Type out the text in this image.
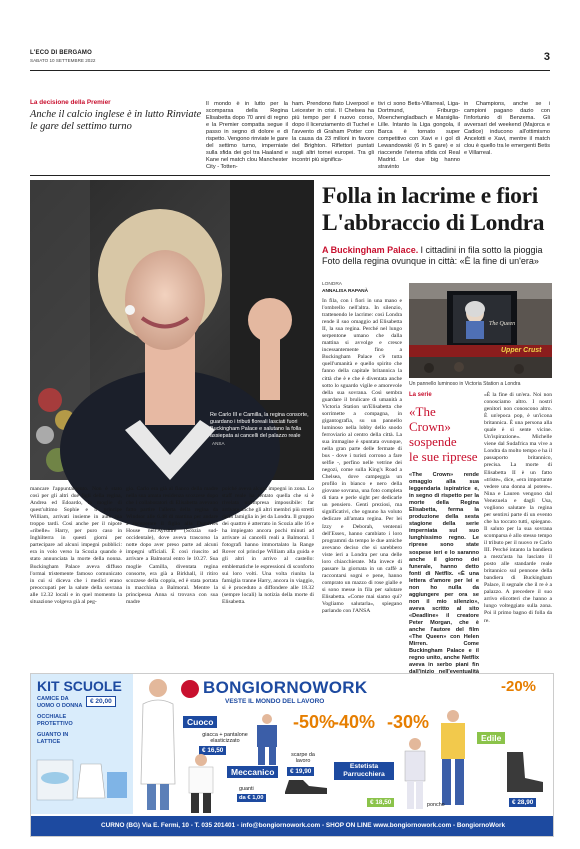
L'ECO DI BERGAMO
SABATO 10 SETTEMBRE 2022	3
La decisione della Premier
Anche il calcio inglese è in lutto Rinviate le gare del settimo turno
Il mondo è in lutto per la scomparsa della Regina Elisabetta dopo 70 anni di regno e la Premier compatta segue il passo in segno di dolore e di rispetto. Vengono rinviate le gare del settimo turno, imperniate sulla sfida dei gol tra Haaland e Kane nel match clou Manchester City - Totten-
ham. Prendono fiato Liverpool e Leicester in crisi. Il Chelsea ha più tempo per il nuovo corso, dopo il licenziamento di Tuchel e l'avvento di Graham Potter con la causa da 23 milioni in favore del Brighton. Riflettori puntati sugli altri tornei europei. Tra gli incontri più significa-
tivi ci sono Betis-Villarreal, Liga-Dortmund, Friburgo-Moenchengladbach e Marsiglia-Lille. Intanto la Liga gongola, il Barca è tornato super competitivo con Xavi e i gol di Lewandowski (6 in 5 gare) e si riaccende l'eterna sfida col Real Madrid. Le due big hanno stravinto
in Champions, anche se i campioni pagano dazio con l'infortunio di Benzema. Gli avversari del weekend (Majorca e Cadice) inducono all'ottimismo Ancelotti e Xavi, mentre il match clou è quello tra le emergenti Betis e Villarreal.
Re Carlo III e Camilla, la regina consorte, guardano i tributi floreali lasciati fuori Buckingham Palace e salutano la folla assiepata ai cancelli del palazzo reale ANSA
Folla in lacrime e fiori
L'abbraccio di Londra
A Buckingham Palace. I cittadini in fila sotto la pioggia
Foto della regina ovunque in città: «È la fine di un'era»
LONDRA
ANNALISA RAPANÀ
In fila, con i fiori in una mano e l'ombrello nell'altra. In silenzio, trattenendo le lacrime: così Londra rende il suo omaggio ad Elisabetta II, la sua regina. Perché nel lungo serpentone umano che dalla mattina si avvolge e cresce incessantemente fino a Buckingham Palace c'è tutta quell'umanità e quello spirito che fanno della capitale britannica la città che è e che è diventata anche sotto lo sguardo vigile e amorevole della sua sovrana. Così sembra guardare il brulicare di umanità a Victoria Station un'Elisabetta che sorrimette a compagna, in gigantografia, su un pannello luminoso nella lobby dello snodo ferroviario al centro della città. La sua immagine è spuntata ovunque, nella gran parte delle fermate di bus - dove i turisti corrono a fare selfie -, perfino nelle vetrine dei negozi, come sulla King's Road a Chelsea, dove campeggia un profilo in bianco e nero della giovane sovrana, una foto completa di tiara e perle sight per dedicarle un pensiero. Genti preziosi, ma significativi, che ognuno ha voluto dedicare all'amata regina. Per lei Izzy e Deborah, ventenni dell'Essex, hanno cambiato i loro programmi da tempo le due amiche avevano deciso che si sarebbero viste ieri a Londra per una delle loro chiacchierate. Ma invece di passare la giornata in un caffè a raccontarsi sogni e pene, hanno comprato un mazzo di rose gialle e si sono messe in fila per salutare Elisabetta. «Come mai siamo qui? Vogliamo salutarla», spiegano parlando con l'ANSA
The Queen
Upper Crust
Un pannello luminoso in Victoria Station a Londra
La serie
«The Crown»
sospende
le sue riprese
«The Crown» rende omaggio alla sua leggendaria ispiratrice e, in segno di rispetto per la morte della Regina Elisabetta, ferma la produzione della sesta stagione della serie imperniata sul suo lunghissimo regno. Le riprese sono state sospese ieri e lo saranno anche il giorno dei funerale, hanno detto fonti di Netflix. «È una lettera d'amore per lei e non ho nulla da aggiungere per ora se non il mio silenzio», aveva scritto al sito «Deadline» il creatore Peter Morgan, che è anche l'autore del film «The Queen» con Helen Mirren. Come Buckingham Palace e il regno unito, anche Netflix aveva in serbo piani fin
«È la fine di un'era. Noi non conosciamo altro. I nostri genitori non conoscono altro. È un'epoca pop, è un'icona britannica. È una persona alla quale è si sente vicine. Un'ispirazione». Michelle viene dal Sudafrica ma vive a Londra da molto tempo e ha il passaporto britannico, precisa. La morte di Elisabetta II è un fatto «triste», dice, «era importante vedere una donna al potere». Nina e Lauren vengono dal Venezuela e dagli Usa, vogliono salutare la regina per sentirsi parte di un evento che ha toccato tutti, spiegano. Il saluto per la sua sovrana scomparsa è allo stesso tempo il tributo per il nuovo re Carlo III. Perché intanto la bandiera a mezz'asta ha lasciato il posto alle standarde reale britannico sul pennone della bandiera di Buckingham Palace, il segnale che il re è a palazzo. A precedere il suo arrivo elicotteri che hanno a lungo volteggiato sulla zona. Poi il primo bagno di folla da re.
mancare l'appuntamento. Non è stato così per gli altri due figli della regina, Andrea ed Edoardo, la moglie di quest'ultimo Sophie e il principe William, arrivati insieme in auto ma troppo tardi. Così anche per il nipote «ribelle» Harry, per puro caso in Inghilterra in questi giorni per partecipare ad alcuni impegni pubblici: era in volo verso la Scozia quando è stato annunciata la morte della nonna. Buckingham Palace aveva diffuso l'ormai tristemente famoso comunicato in cui si diceva che i medici erano preoccupati per la salute della sovrana alle 12.32 locali e in quel momento la situazione volgeva già al peg-
gio. Carlo era già al fianco della madre nella sua amata residenza scozzese dopo che i collaboratori di Elisabetta avevano fatto partire l'allerta della regina da Windsor alle 6.48 di mattina per andare a recuperare il figlio alla Dumfries House nell'Ayrshire (Scozia sud-occidentale), dove aveva trascorso la notte dopo aver preso parte ad alcuni impegni ufficiali. È così riuscito ad arrivare a Balmoral entro le 10.27. Sua moglie Camilla, diventata regina consorte, era già a Birkhall, il ritiro scozzese della coppia, ed è stata portata in macchina a Balmoral. Mentre la principessa Anna si trovava con sua madre
poiché aveva alcuni impegni in zona. Lo staff reale ha tentato quella che si è rivelata un'impresa impossibile: far arrivare anche gli altri membri più stretti della famiglia in jet da Londra. Il gruppo dei quattro è atterrato in Scozia alle 16 e ha impiegato ancora pochi minuti ad arrivare ai cancelli reali a Balmoral. I fotografi hanno immortalato la Range Rover col principe William alla guida e gli altri in arrivo al castello: emblematiche le espressioni di sconforto sui loro volti. Una volta riunita la famiglia tranne Harry, ancora in viaggio, si è proceduto a diffondere alle 18.32 (sempre locali) la notizia della morte di Elisabetta.
KIT SCUOLE
CAMICE DA UOMO O DONNA
€ 20,00
OCCHIALE PROTETTIVO
GUANTO IN LATTICE
BONGIORNOWORK
VESTE IL MONDO DEL LAVORO
-20%
Cuoco
giacca + pantalone elasticizzato
€ 16,50
Meccanico
-50%
-40% -30%
scarpe da lavoro
€ 19,90
Estetista Parrucchiera
Edile
guanti
da € 1,00
poncho	€ 28,90
€ 18,50
CURNO (BG) Via E. Fermi, 10 - T. 035 201401 - info@bongiornowork.com - SHOP ON LINE www.bongiornowork.com - BongiornoWork
